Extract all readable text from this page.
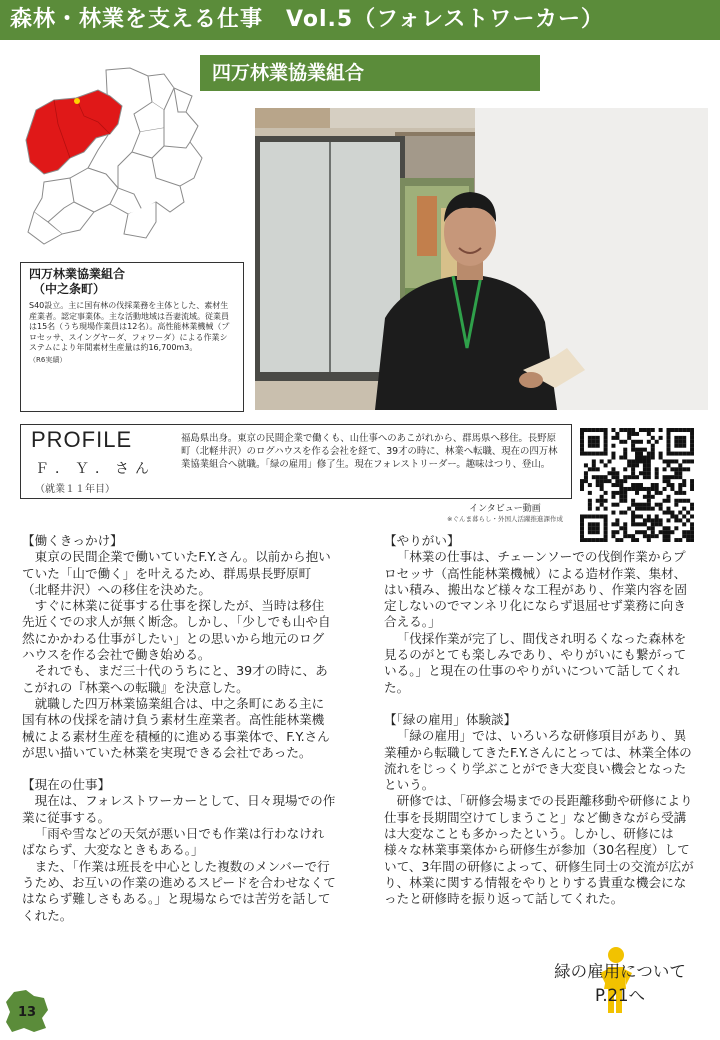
森林・林業を支える仕事　Vol.5（フォレストワーカー）
四万林業協業組合
四万林業協業組合
（中之条町）
S40設立。主に国有林の伐採業務を主体とした、素材生産業者。認定事業体。主な活動地域は吾妻流域。従業員は15名（うち現場作業員は12名）。高性能林業機械（プロセッサ、スイングヤーダ、フォワーダ）による作業システムにより年間素材生産量は約16,700m3。
（R6実績）
PROFILE
Ｆ．Ｙ．さん
（就業１１年目）
福島県出身。東京の民間企業で働くも、山仕事へのあこがれから、群馬県へ移住。長野原町（北軽井沢）のログハウスを作る会社を経て、39才の時に、林業へ転職、現在の四万林業協業組合へ就職。「緑の雇用」修了生。現在フォレストリーダー。趣味はつり、登山。
インタビュー動画
※ぐんま暮らし・外国人活躍推進課作成
【働くきっかけ】

東京の民間企業で働いていたF.Y.さん。以前から抱いていた「山で働く」を叶えるため、群馬県長野原町（北軽井沢）への移住を決めた。

すぐに林業に従事する仕事を探したが、当時は移住先近くでの求人が無く断念。しかし、「少しでも山や自然にかかわる仕事がしたい」との思いから地元のログハウスを作る会社で働き始める。

それでも、まだ三十代のうちにと、39才の時に、あこがれの『林業への転職』を決意した。

就職した四万林業協業組合は、中之条町にある主に国有林の伐採を請け負う素材生産業者。高性能林業機械による素材生産を積極的に進める事業体で、F.Y.さんが思い描いていた林業を実現できる会社であった。

【現在の仕事】

現在は、フォレストワーカーとして、日々現場での作業に従事する。

「雨や雪などの天気が悪い日でも作業は行わなければならず、大変なときもある。」

また、「作業は班長を中心とした複数のメンバーで行うため、お互いの作業の進めるスピードを合わせなくてはならず難しさもある。」と現場ならでは苦労を話してくれた。

【やりがい】

「林業の仕事は、チェーンソーでの伐倒作業からプロセッサ（高性能林業機械）による造材作業、集材、はい積み、搬出など様々な工程があり、作業内容を固定しないのでマンネリ化にならず退屈せず業務に向き合える。」

「伐採作業が完了し、間伐され明るくなった森林を見るのがとても楽しみであり、やりがいにも繋がっている。」と現在の仕事のやりがいについて話してくれた。

【「緑の雇用」体験談】

「緑の雇用」では、いろいろな研修項目があり、異業種から転職してきたF.Y.さんにとっては、林業全体の流れをじっくり学ぶことができ大変良い機会となったという。

研修では、「研修会場までの長距離移動や研修により仕事を長期間空けてしまうこと」など働きながら受講は大変なことも多かったという。しかし、研修には様々な林業事業体から研修生が参加（30名程度）していて、3年間の研修によって、研修生同士の交流が広がり、林業に関する情報をやりとりする貴重な機会になったと研修時を振り返って話してくれた。

緑の雇用について
P.21へ
13
